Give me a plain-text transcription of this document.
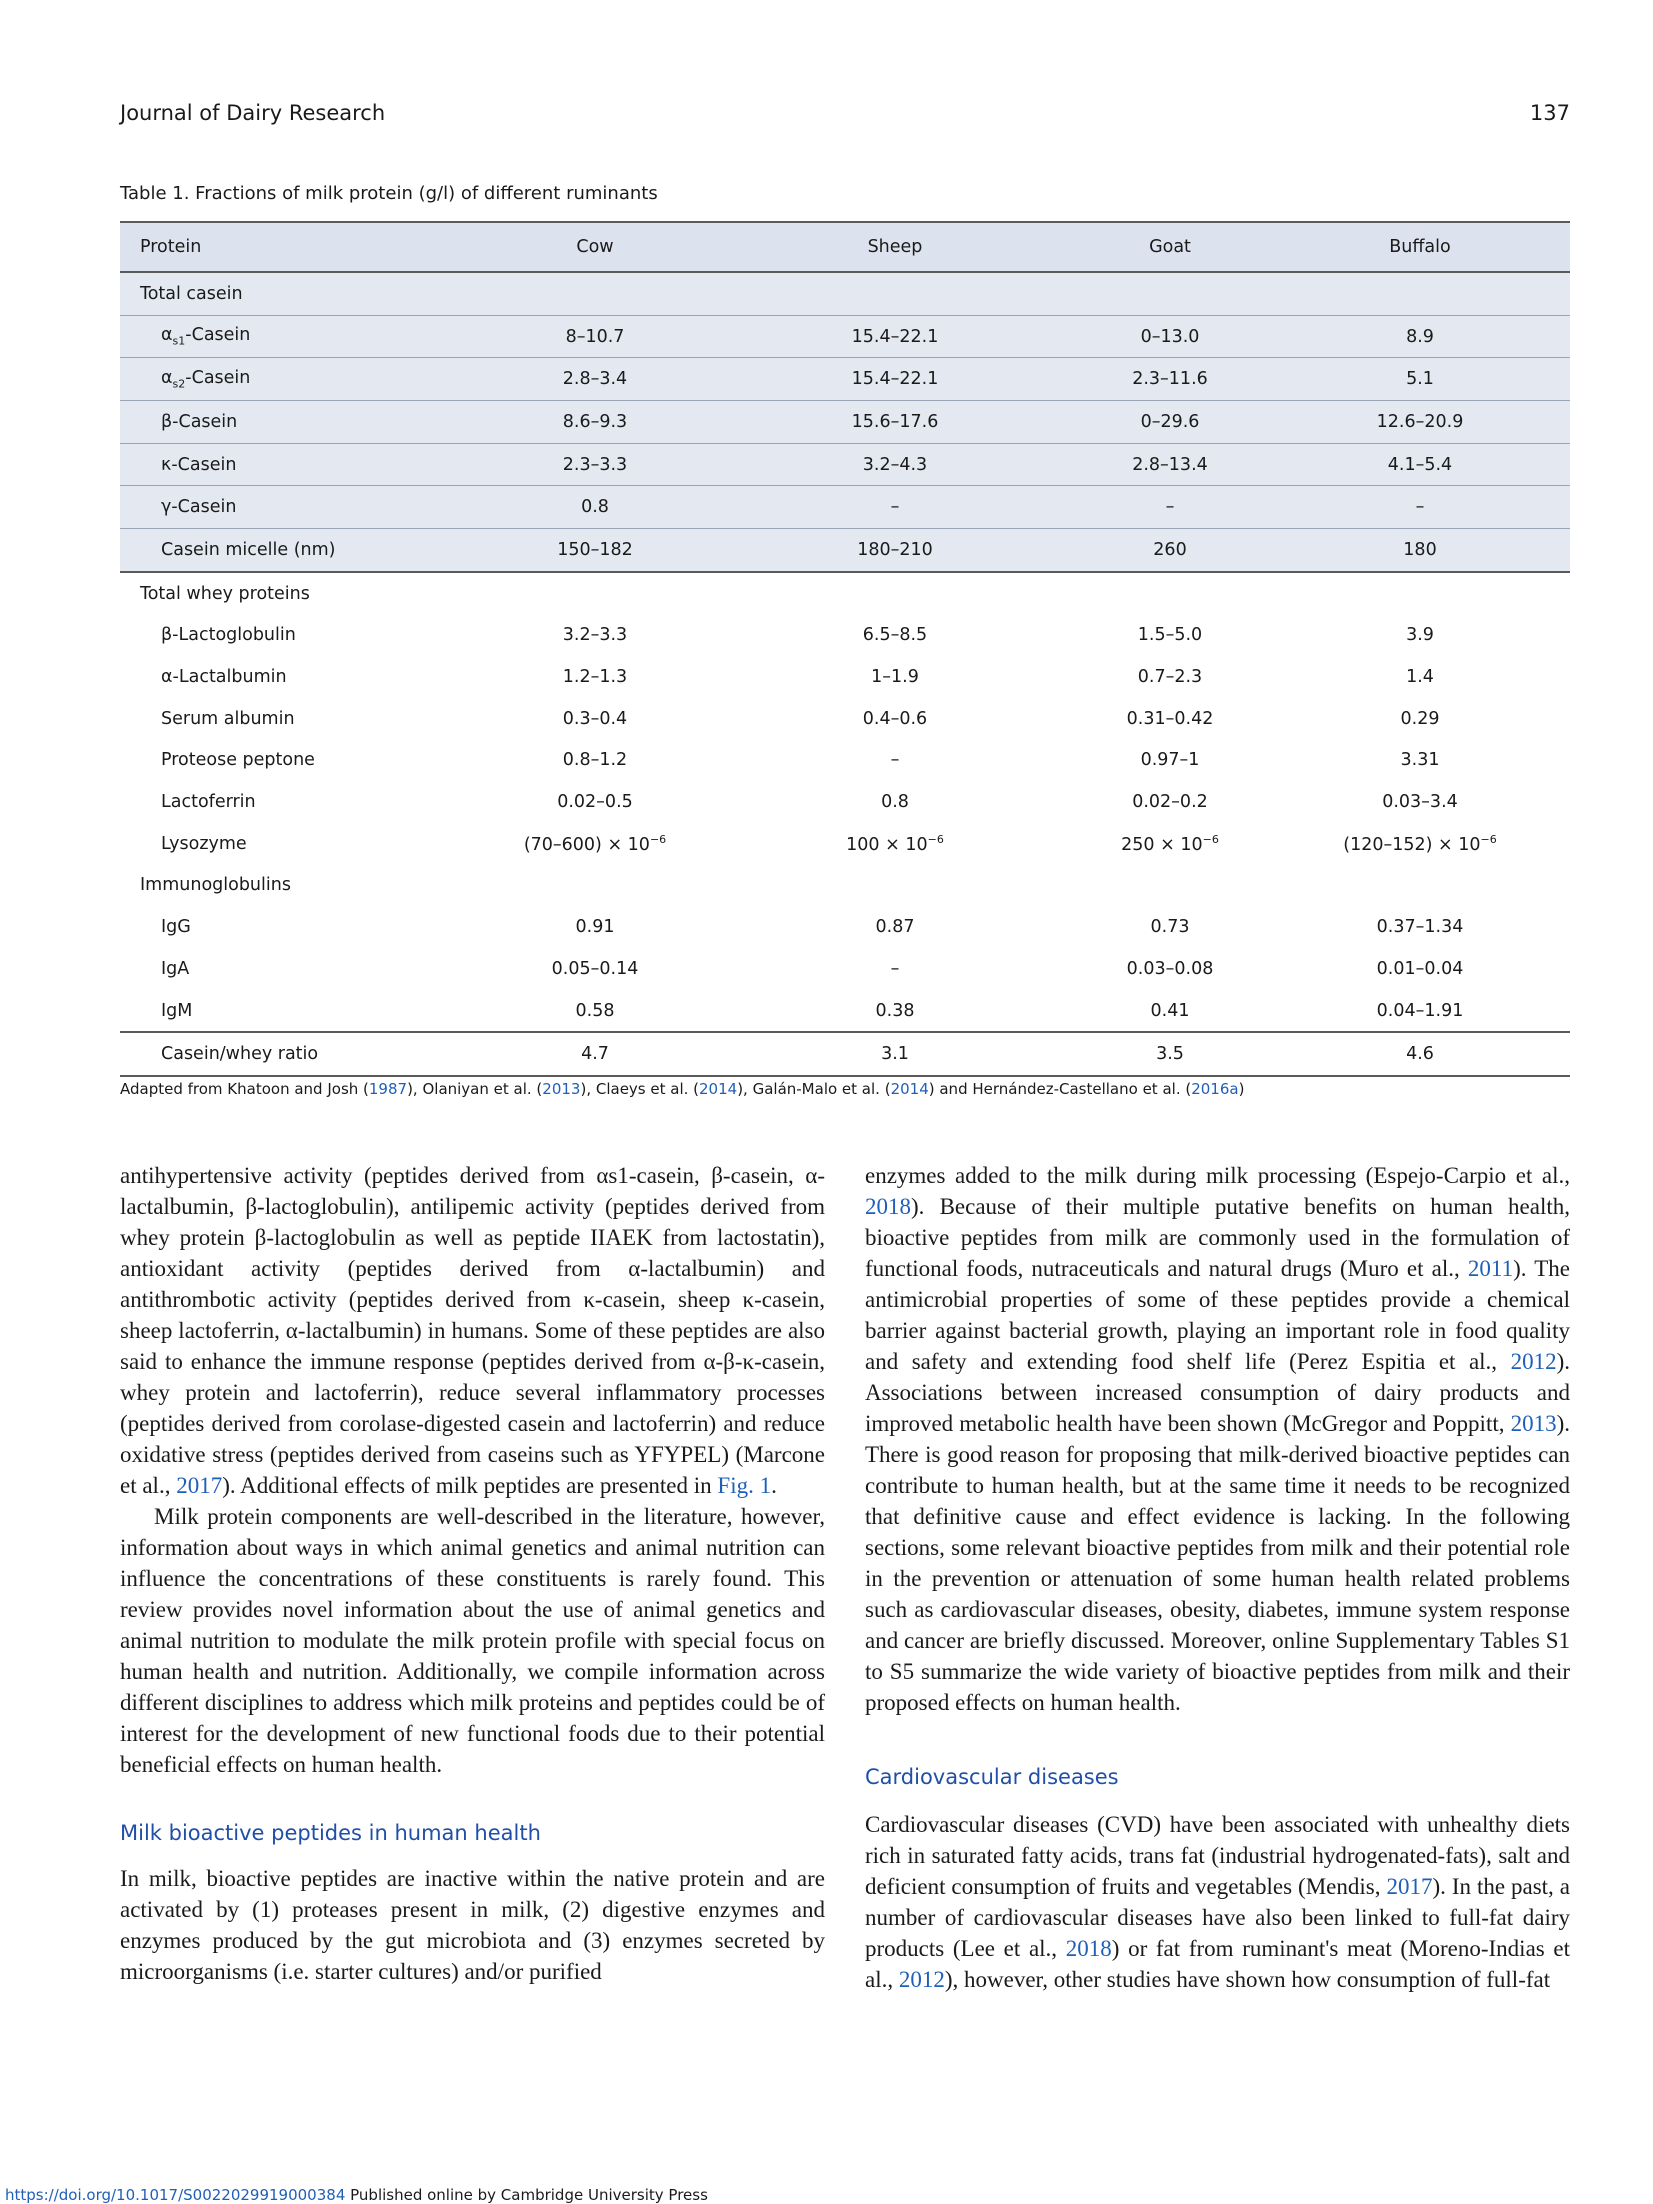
Journal of Dairy Research	137
Table 1. Fractions of milk protein (g/l) of different ruminants
Protein	Cow	Sheep	Goat	Buffalo
Total casein				
$\alpha_{s1}$-Casein	8–10.7	15.4–22.1	0–13.0	8.9
$\alpha_{s2}$-Casein	2.8–3.4	15.4–22.1	2.3–11.6	5.1
β-Casein	8.6–9.3	15.6–17.6	0–29.6	12.6–20.9
κ-Casein	2.3–3.3	3.2–4.3	2.8–13.4	4.1–5.4
γ-Casein	0.8	–	–	–
Casein micelle (nm)	150–182	180–210	260	180
Total whey proteins				
β-Lactoglobulin	3.2–3.3	6.5–8.5	1.5–5.0	3.9
α-Lactalbumin	1.2–1.3	1–1.9	0.7–2.3	1.4
Serum albumin	0.3–0.4	0.4–0.6	0.31–0.42	0.29
Proteose peptone	0.8–1.2	–	0.97–1	3.31
Lactoferrin	0.02–0.5	0.8	0.02–0.2	0.03–3.4
Lysozyme	$(70-600) \times 10^{-6}$	$100 \times 10^{-6}$	$250 \times 10^{-6}$	$(120-152) \times 10^{-6}$
Immunoglobulins				
IgG	0.91	0.87	0.73	0.37–1.34
IgA	0.05–0.14	–	0.03–0.08	0.01–0.04
IgM	0.58	0.38	0.41	0.04–1.91
Casein/whey ratio	4.7	3.1	3.5	4.6
Adapted from Khatoon and Josh (1987), Olaniyan et al. (2013), Claeys et al. (2014), Galán-Malo et al. (2014) and Hernández-Castellano et al. (2016a)

antihypertensive activity (peptides derived from αs1-casein, β-casein, α-lactalbumin, β-lactoglobulin), antilipemic activity (peptides derived from whey protein β-lactoglobulin as well as peptide IIAEK from lactostatin), antioxidant activity (peptides derived from α-lactalbumin) and antithrombotic activity (peptides derived from κ-casein, sheep κ-casein, sheep lactoferrin, α-lactalbumin) in humans. Some of these peptides are also said to enhance the immune response (peptides derived from α-β-κ-casein, whey protein and lactoferrin), reduce several inflammatory processes (peptides derived from corolase-digested casein and lactoferrin) and reduce oxidative stress (peptides derived from caseins such as YFYPEL) (Marcone et al., 2017). Additional effects of milk peptides are presented in Fig. 1.

Milk protein components are well-described in the literature, however, information about ways in which animal genetics and animal nutrition can influence the concentrations of these constituents is rarely found. This review provides novel information about the use of animal genetics and animal nutrition to modulate the milk protein profile with special focus on human health and nutrition. Additionally, we compile information across different disciplines to address which milk proteins and peptides could be of interest for the development of new functional foods due to their potential beneficial effects on human health.

Milk bioactive peptides in human health

In milk, bioactive peptides are inactive within the native protein and are activated by (1) proteases present in milk, (2) digestive enzymes and enzymes produced by the gut microbiota and (3) enzymes secreted by microorganisms (i.e. starter cultures) and/or purified

enzymes added to the milk during milk processing (Espejo-Carpio et al., 2018). Because of their multiple putative benefits on human health, bioactive peptides from milk are commonly used in the formulation of functional foods, nutraceuticals and natural drugs (Muro et al., 2011). The antimicrobial properties of some of these peptides provide a chemical barrier against bacterial growth, playing an important role in food quality and safety and extending food shelf life (Perez Espitia et al., 2012). Associations between increased consumption of dairy products and improved metabolic health have been shown (McGregor and Poppitt, 2013). There is good reason for proposing that milk-derived bioactive peptides can contribute to human health, but at the same time it needs to be recognized that definitive cause and effect evidence is lacking. In the following sections, some relevant bioactive peptides from milk and their potential role in the prevention or attenuation of some human health related problems such as cardiovascular diseases, obesity, diabetes, immune system response and cancer are briefly discussed. Moreover, online Supplementary Tables S1 to S5 summarize the wide variety of bioactive peptides from milk and their proposed effects on human health.

Cardiovascular diseases

Cardiovascular diseases (CVD) have been associated with unhealthy diets rich in saturated fatty acids, trans fat (industrial hydrogenated-fats), salt and deficient consumption of fruits and vegetables (Mendis, 2017). In the past, a number of cardiovascular diseases have also been linked to full-fat dairy products (Lee et al., 2018) or fat from ruminant's meat (Moreno-Indias et al., 2012), however, other studies have shown how consumption of full-fat

https://doi.org/10.1017/S0022029919000384 Published online by Cambridge University Press
